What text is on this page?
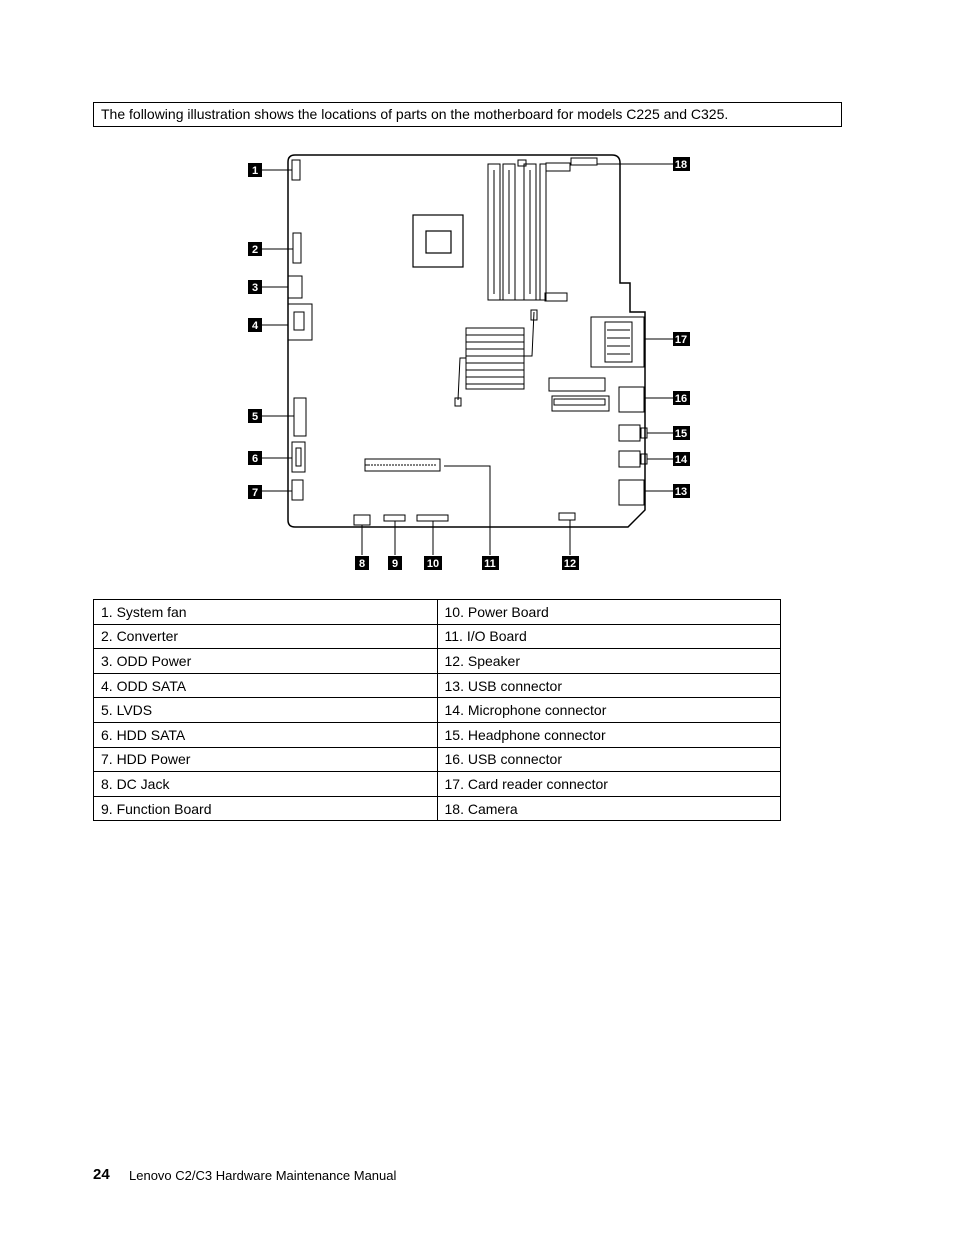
The following illustration shows the locations of parts on the motherboard for models C225 and C325.
1
2
3
4
5
6
7
8 9	10	11	12
13
14
15
16
17
18
1. System fan	10. Power Board
2. Converter	11. I/O Board
3. ODD Power	12. Speaker
4. ODD SATA	13. USB connector
5. LVDS	14. Microphone connector
6. HDD SATA	15. Headphone connector
7. HDD Power	16. USB connector
8. DC Jack	17. Card reader connector
9. Function Board	18. Camera
24 Lenovo C2/C3 Hardware Maintenance Manual
